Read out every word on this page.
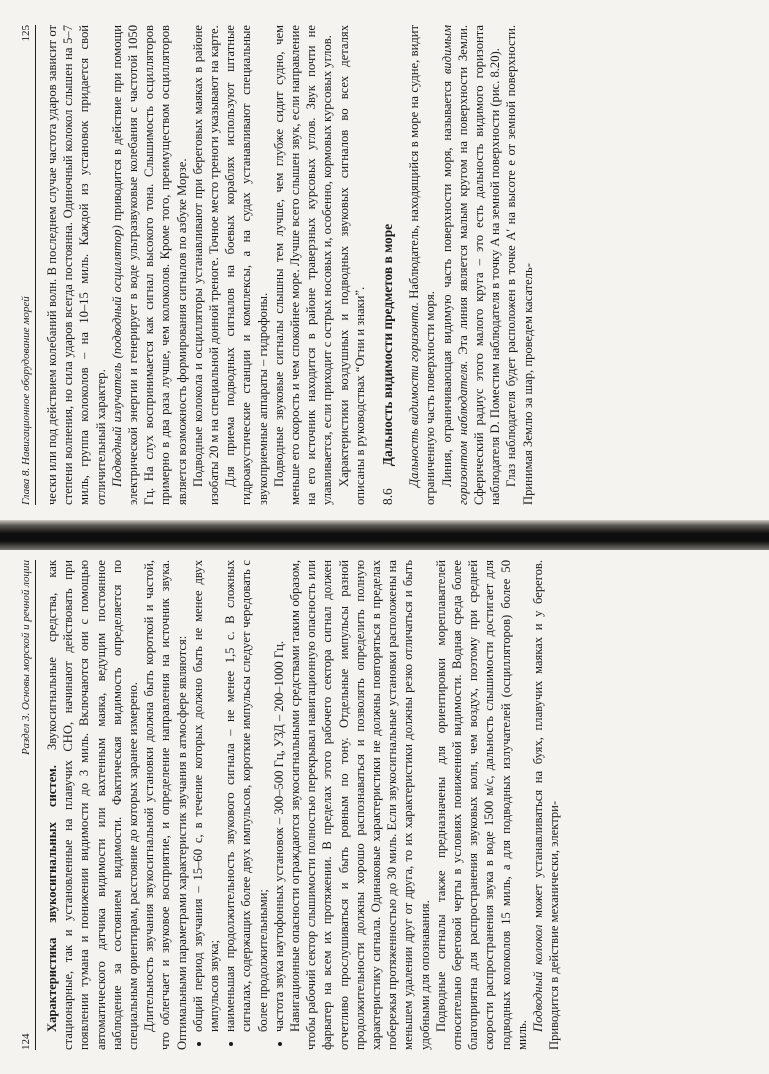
Глава 8. Навигационное оборудование морей
125 чески или под действием колебаний волн. В последнем случае частота ударов зависит от степени волнения, но сила ударов всегда постоянна. Одиночный колокол слышен на 5–7 миль, группа колоколов – на 10–15 миль. Каждой из установок придается свой отличительный характер. Подводный излучатель (подводный осциллятор) приводится в действие при помощи электрической энергии и генерирует в воде ультразвуковые колебания с частотой 1050 Гц. На слух воспринимается как сигнал высокого тона. Слышимость осцилляторов примерно в два раза лучше, чем колоколов. Кроме того, преимуществом осцилляторов является возможность формирования сигналов по азбуке Морзе. Подводные колокола и осцилляторы устанавливают при береговых маяках в районе изобаты 20 м на специальной донной треноге. Точное место треноги указывают на карте. Для приема подводных сигналов на боевых кораблях используют штатные гидроакустические станции и комплексы, а на судах устанавливают специальные звукоприемные аппараты – гидрофоны. Подводные звуковые сигналы слышны тем лучше, чем глубже сидит судно, чем меньше его скорость и чем спокойнее море. Лучше всего слышен звук, если направление на его источник находится в районе траверзных курсовых углов. Звук почти не улавливается, если приходит с острых носовых и, особенно, кормовых курсовых углов. Характеристики воздушных и подводных звуковых сигналов во всех деталях описаны в руководствах “Огни и знаки”. 8.6
Дальность видимости предметов в море Дальность видимости горизонта. Наблюдатель, находящийся в море на судне, видит ограниченную часть поверхности моря. Линия, ограничивающая видимую часть поверхности моря, называется видимым горизонтом наблюдателя. Эта линия является малым кругом на поверхности Земли. Сферический радиус этого малого круга – это есть дальность видимого горизонта наблюдателя D. Поместим наблюдателя в точку A на земной поверхности (рис. 8.20). Глаз наблюдателя будет расположен в точке A′ на высоте e от земной поверхности. Принимая Землю за шар, проведем касатель-

124
Раздел 3. Основы морской и речной лоции

Характеристика звукосигнальных систем. Звукосигнальные средства, как стационарные, так и установленные на плавучих СНО, начинают действовать при появлении тумана и понижении видимости до 3 миль. Включаются они с помощью автоматического датчика видимости или вахтенным маяка, ведущим постоянное наблюдение за состоянием видимости. Фактическая видимость определяется по специальным ориентирам, расстояние до которых заранее измерено. Длительность звучания звукосигнальной установки должна быть короткой и частой, что облегчает и звуковое восприятие, и определение направления на источник звука. Оптимальными параметрами характеристик звучания в атмосфере являются: • общий период звучания – 15–60 с, в течение которых должно быть не менее двух импульсов звука; • наименьшая продолжительность звукового сигнала – не менее 1,5 с. В сложных сигналах, содержащих более двух импульсов, короткие импульсы следует чередовать с более продолжительными; • частота звука наутофонных установок – 300–500 Гц, УЗД – 200–1000 Гц. Навигационные опасности ограждаются звукосигнальными средствами таким образом, чтобы рабочий сектор слышимости полностью перекрывал навигационную опасность или фарватер на всем их протяжении. В пределах этого рабочего сектора сигнал должен отчетливо прослушиваться и быть ровным по тону. Отдельные импульсы разной продолжительности должны хорошо распознаваться и позволять определить полную характеристику сигнала. Одинаковые характеристики не должны повторяться в пределах побережья протяженностью до 30 миль. Если звукосигнальные установки расположены на меньшем удалении друг от друга, то их характеристики должны резко отличаться и быть удобными для опознавания. Подводные сигналы также предназначены для ориентировки мореплавателей относительно береговой черты в условиях пониженной видимости. Водная среда более благоприятна для распространения звуковых волн, чем воздух, поэтому при средней скорости распространения звука в воде 1500 м/с, дальность слышимости достигает для подводных колоколов 15 миль, а для подводных излучателей (осцилляторов) более 50 миль.

Подводный колокол может устанавливаться на буях, плавучих маяках и у берегов. Приводится в действие механически, электри-
